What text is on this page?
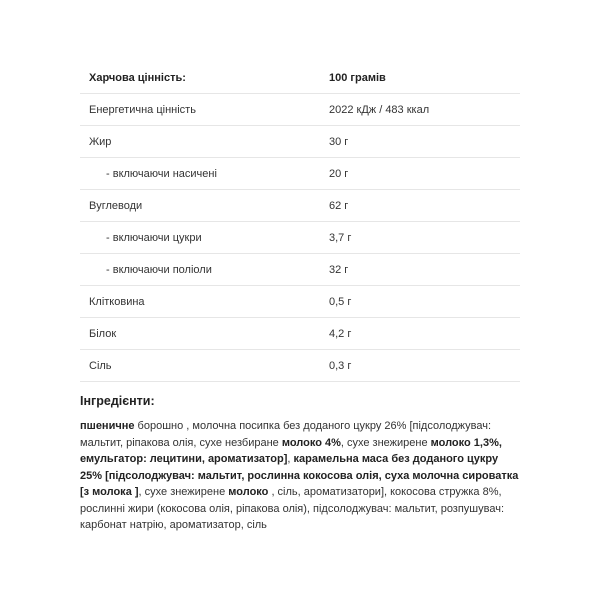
Харчова цінність:	100 грамів
Енергетична цінність	2022 кДж / 483 ккал
Жир	30 г
- включаючи насичені	20 г
Вуглеводи	62 г
- включаючи цукри	3,7 г
- включаючи поліоли	32 г
Клітковина	0,5 г
Білок	4,2 г
Сіль	0,3 г
Інгредієнти:
пшеничне борошно , молочна посипка без доданого цукру 26% [підсолоджувач: мальтит, ріпакова олія, сухе незбиране молоко 4%, сухе знежирене молоко 1,3%, емульгатор: лецитини, ароматизатор], карамельна маса без доданого цукру 25% [підсолоджувач: мальтит, рослинна кокосова олія, суха молочна сироватка [з молока ], сухе знежирене молоко , сіль, ароматизатори], кокосова стружка 8%, рослинні жири (кокосова олія, ріпакова олія), підсолоджувач: мальтит, розпушувач: карбонат натрію, ароматизатор, сіль
